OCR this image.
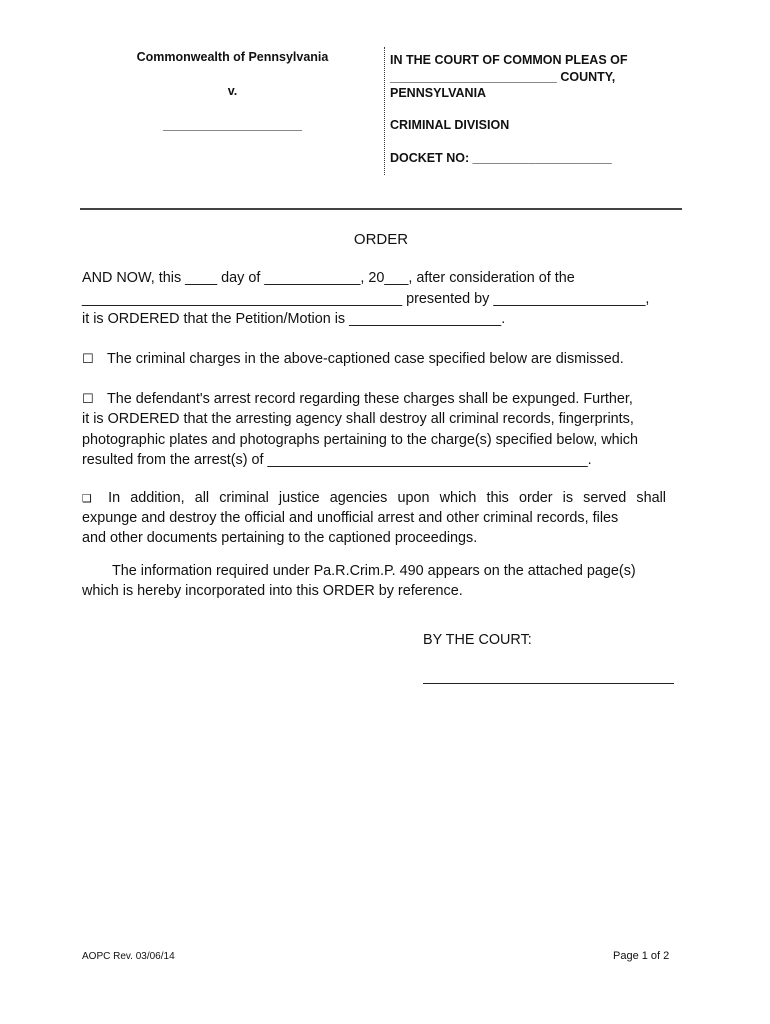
Commonwealth of Pennsylvania
v.
____________________
IN THE COURT OF COMMON PLEAS OF
________________________ COUNTY,
PENNSYLVANIA
CRIMINAL DIVISION
DOCKET NO: ____________________
ORDER
AND NOW, this ____ day of ____________, 20___, after consideration of the
________________________________________ presented by ___________________,
it is ORDERED that the Petition/Motion is ___________________.
☐ The criminal charges in the above-captioned case specified below are dismissed.
☐ The defendant's arrest record regarding these charges shall be expunged. Further,
it is ORDERED that the arresting agency shall destroy all criminal records, fingerprints,
photographic plates and photographs pertaining to the charge(s) specified below, which
resulted from the arrest(s) of ________________________________________.
❑ In addition, all criminal justice agencies upon which this order is served shall
expunge and destroy the official and unofficial arrest and other criminal records, files
and other documents pertaining to the captioned proceedings.
The information required under Pa.R.Crim.P. 490 appears on the attached page(s)
which is hereby incorporated into this ORDER by reference.
BY THE COURT:
AOPC Rev. 03/06/14	Page 1 of 2
